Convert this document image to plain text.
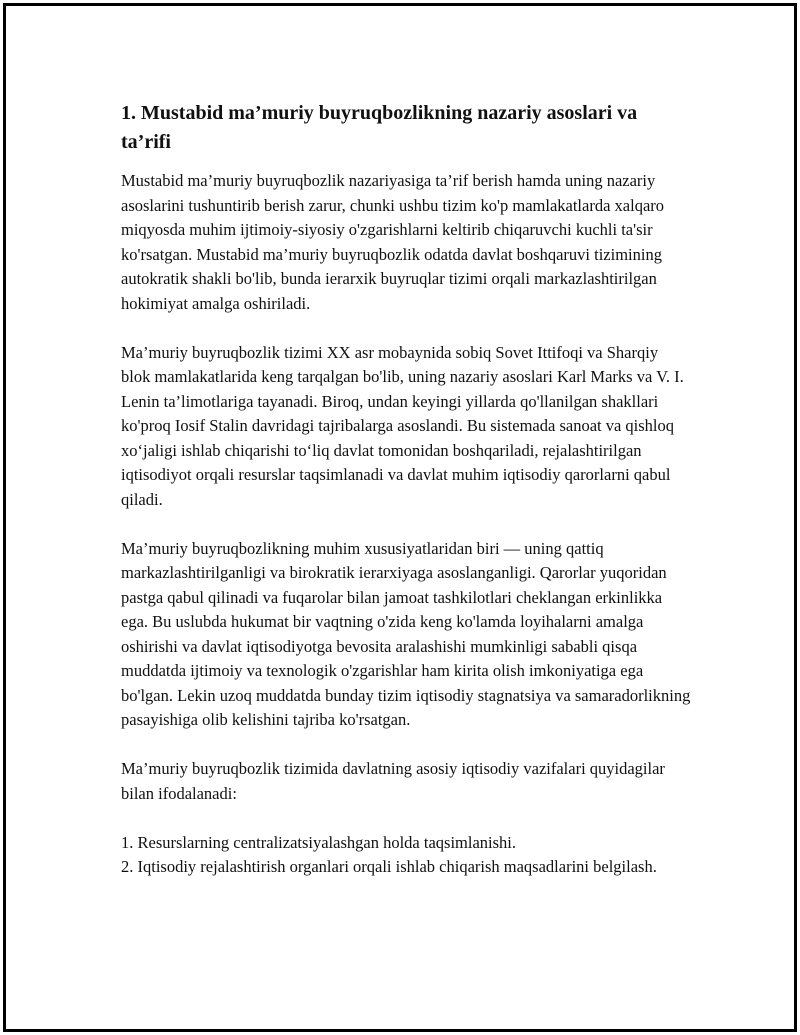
1. Mustabid ma’muriy buyruqbozlikning nazariy asoslari va ta’rifi

Mustabid ma’muriy buyruqbozlik nazariyasiga ta’rif berish hamda uning nazariy asoslarini tushuntirib berish zarur, chunki ushbu tizim ko'p mamlakatlarda xalqaro miqyosda muhim ijtimoiy-siyosiy o'zgarishlarni keltirib chiqaruvchi kuchli ta'sir ko'rsatgan. Mustabid ma’muriy buyruqbozlik odatda davlat boshqaruvi tizimining autokratik shakli bo'lib, bunda ierarxik buyruqlar tizimi orqali markazlashtirilgan hokimiyat amalga oshiriladi.

Ma’muriy buyruqbozlik tizimi XX asr mobaynida sobiq Sovet Ittifoqi va Sharqiy blok mamlakatlarida keng tarqalgan bo'lib, uning nazariy asoslari Karl Marks va V. I. Lenin ta’limotlariga tayanadi. Biroq, undan keyingi yillarda qo'llanilgan shakllari ko'proq Iosif Stalin davridagi tajribalarga asoslandi. Bu sistemada sanoat va qishloq xo‘jaligi ishlab chiqarishi to‘liq davlat tomonidan boshqariladi, rejalashtirilgan iqtisodiyot orqali resurslar taqsimlanadi va davlat muhim iqtisodiy qarorlarni qabul qiladi.

Ma’muriy buyruqbozlikning muhim xususiyatlaridan biri — uning qattiq markazlashtirilganligi va birokratik ierarxiyaga asoslanganligi. Qarorlar yuqoridan pastga qabul qilinadi va fuqarolar bilan jamoat tashkilotlari cheklangan erkinlikka ega. Bu uslubda hukumat bir vaqtning o'zida keng ko'lamda loyihalarni amalga oshirishi va davlat iqtisodiyotga bevosita aralashishi mumkinligi sababli qisqa muddatda ijtimoiy va texnologik o'zgarishlar ham kirita olish imkoniyatiga ega bo'lgan. Lekin uzoq muddatda bunday tizim iqtisodiy stagnatsiya va samaradorlikning pasayishiga olib kelishini tajriba ko'rsatgan.

Ma’muriy buyruqbozlik tizimida davlatning asosiy iqtisodiy vazifalari quyidagilar bilan ifodalanadi:

1. Resurslarning centralizatsiyalashgan holda taqsimlanishi.
2. Iqtisodiy rejalashtirish organlari orqali ishlab chiqarish maqsadlarini belgilash.
